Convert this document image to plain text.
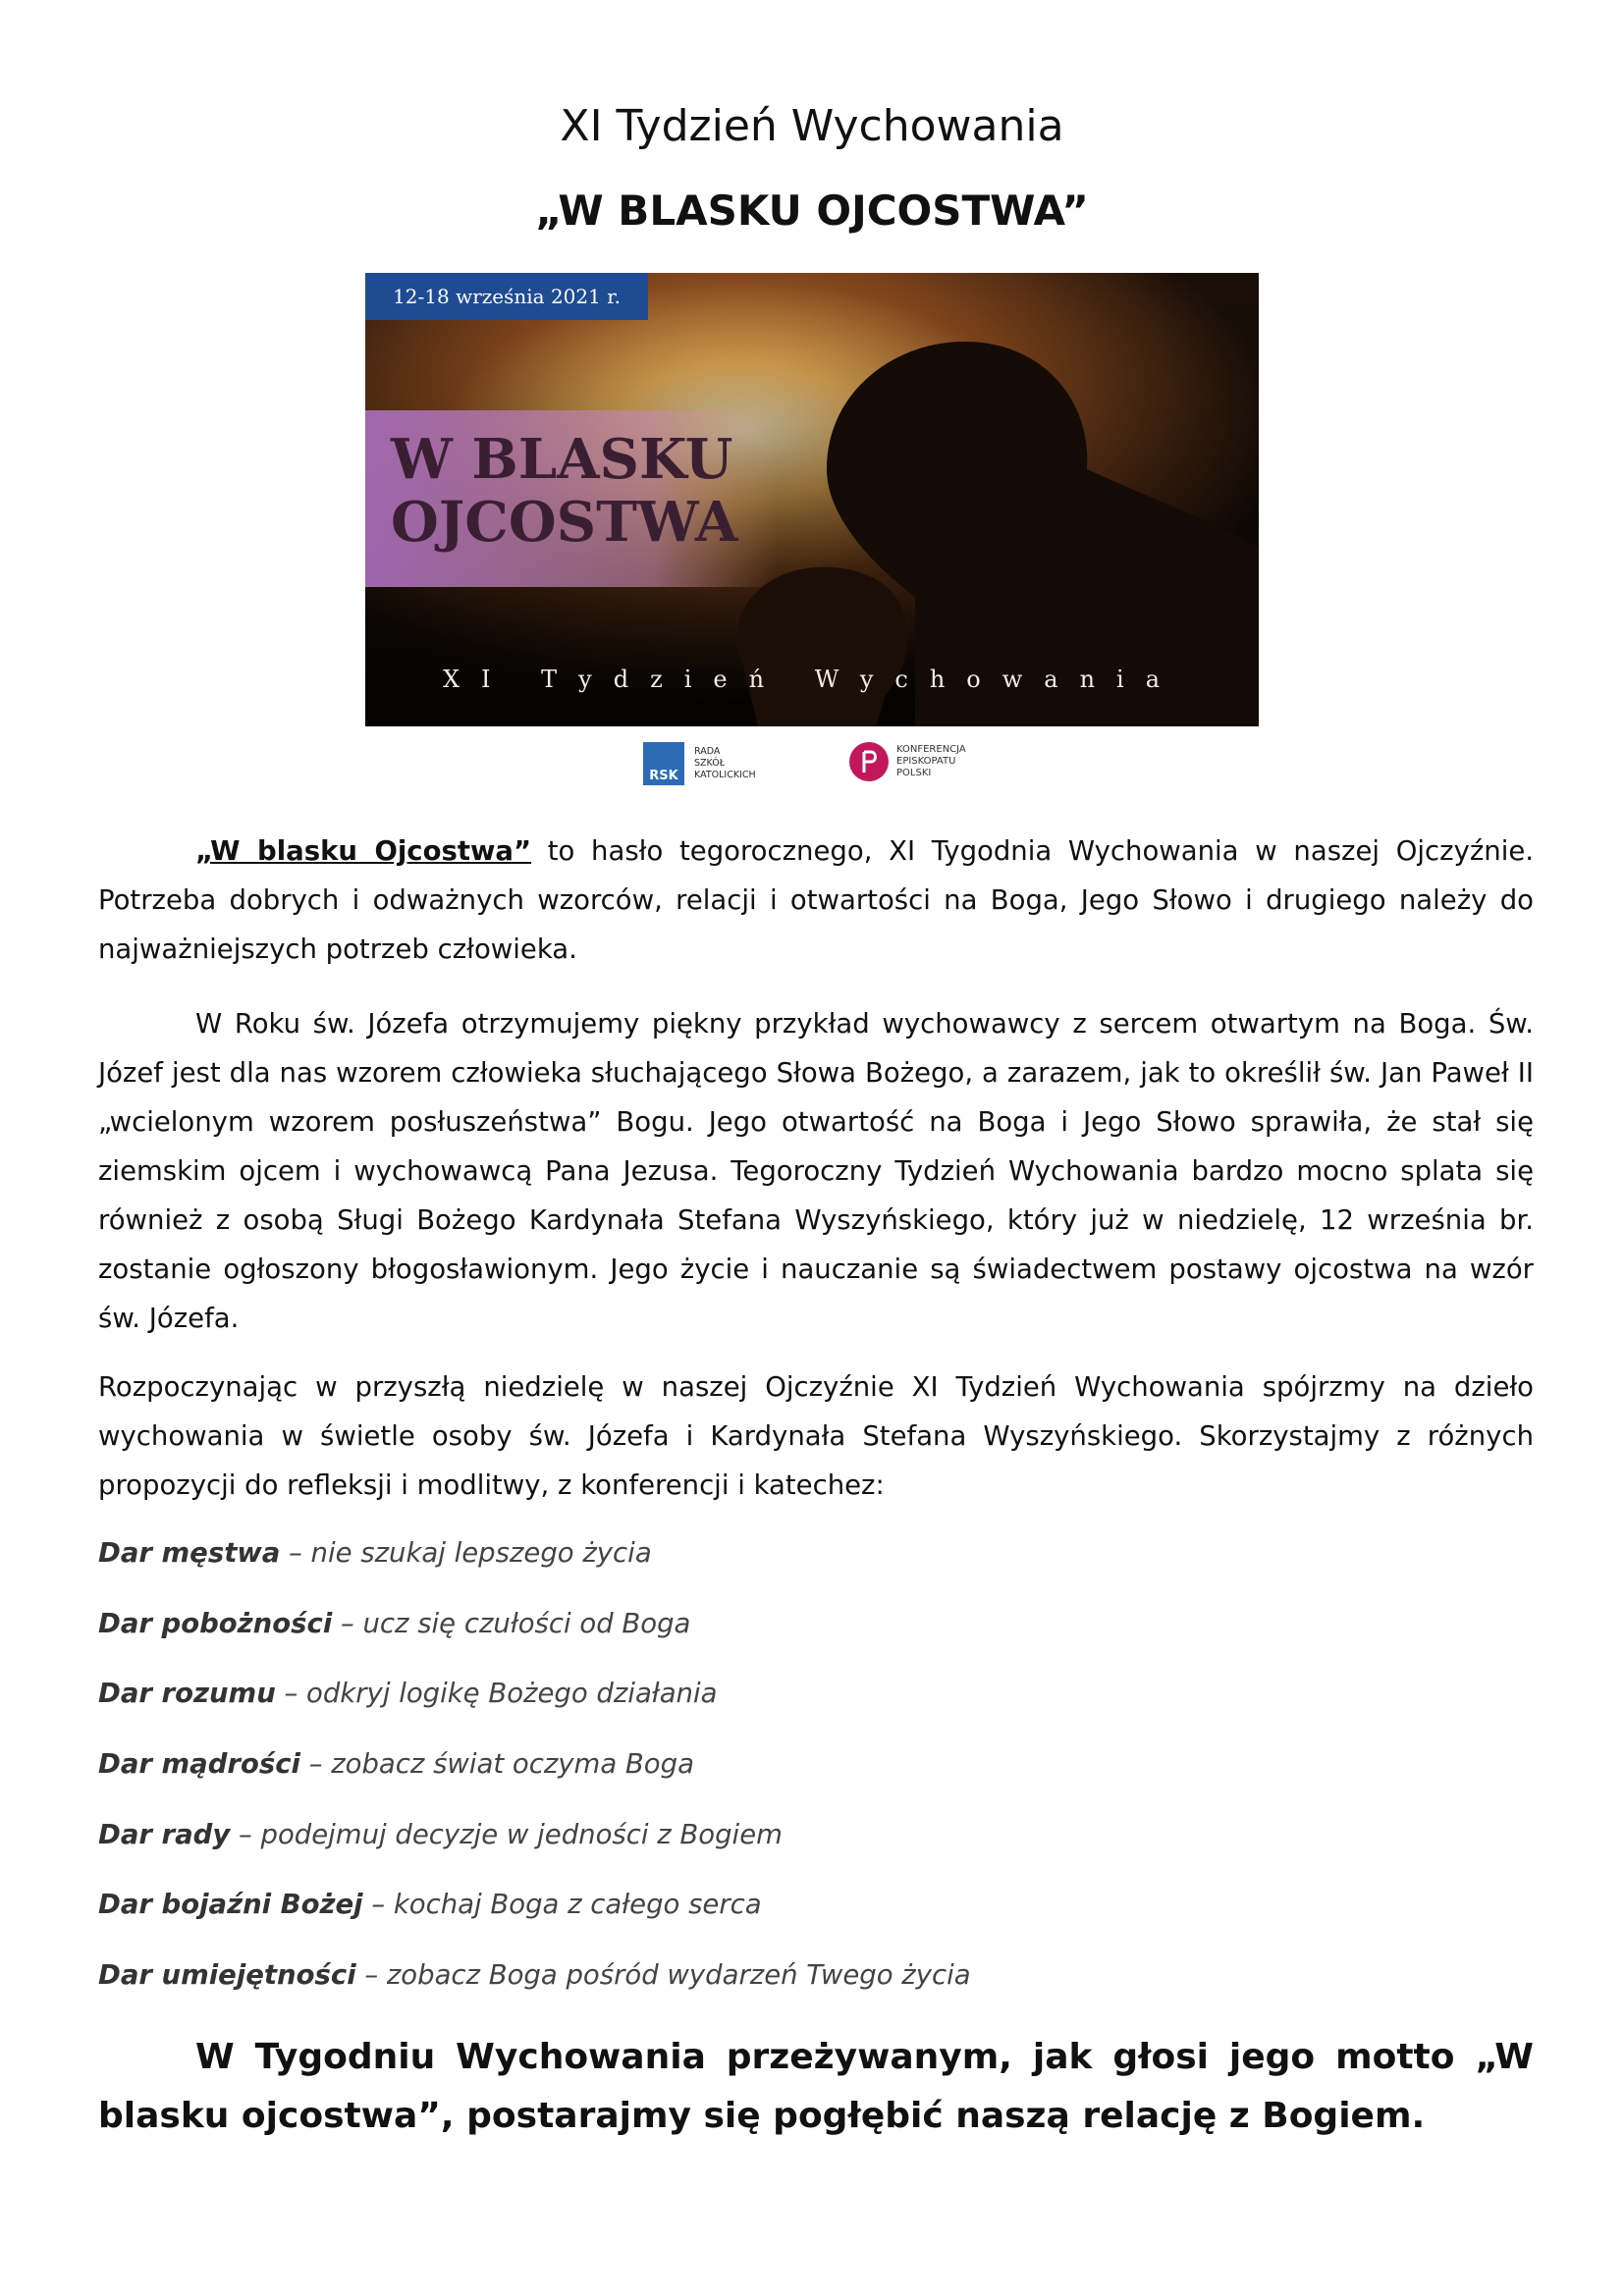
XI Tydzień Wychowania
„W BLASKU OJCOSTWA”
12-18 września 2021 r.
W BLASKU
OJCOSTWA
XI Tydzień Wychowania
RSK
RADA
SZKÓŁ
KATOLICKICH
KONFERENCJA
EPISKOPATU
POLSKI

„W blasku Ojcostwa” to hasło tegorocznego, XI Tygodnia Wychowania w naszej Ojczyźnie. Potrzeba dobrych i odważnych wzorców, relacji i otwartości na Boga, Jego Słowo i drugiego należy do najważniejszych potrzeb człowieka.

W Roku św. Józefa otrzymujemy piękny przykład wychowawcy z sercem otwartym na Boga. Św. Józef jest dla nas wzorem człowieka słuchającego Słowa Bożego, a zarazem, jak to określił św. Jan Paweł II „wcielonym wzorem posłuszeństwa” Bogu. Jego otwartość na Boga i Jego Słowo sprawiła, że stał się ziemskim ojcem i wychowawcą Pana Jezusa. Tegoroczny Tydzień Wychowania bardzo mocno splata się również z osobą Sługi Bożego Kardynała Stefana Wyszyńskiego, który już w niedzielę, 12 września br. zostanie ogłoszony błogosławionym. Jego życie i nauczanie są świadectwem postawy ojcostwa na wzór św. Józefa.

Rozpoczynając w przyszłą niedzielę w naszej Ojczyźnie XI Tydzień Wychowania spójrzmy na dzieło wychowania w świetle osoby św. Józefa i Kardynała Stefana Wyszyńskiego. Skorzystajmy z różnych propozycji do refleksji i modlitwy, z konferencji i katechez:

Dar męstwa – nie szukaj lepszego życia
Dar pobożności – ucz się czułości od Boga
Dar rozumu – odkryj logikę Bożego działania
Dar mądrości – zobacz świat oczyma Boga
Dar rady – podejmuj decyzje w jedności z Bogiem
Dar bojaźni Bożej – kochaj Boga z całego serca
Dar umiejętności – zobacz Boga pośród wydarzeń Twego życia

W Tygodniu Wychowania przeżywanym, jak głosi jego motto „W blasku ojcostwa”, postarajmy się pogłębić naszą relację z Bogiem.
